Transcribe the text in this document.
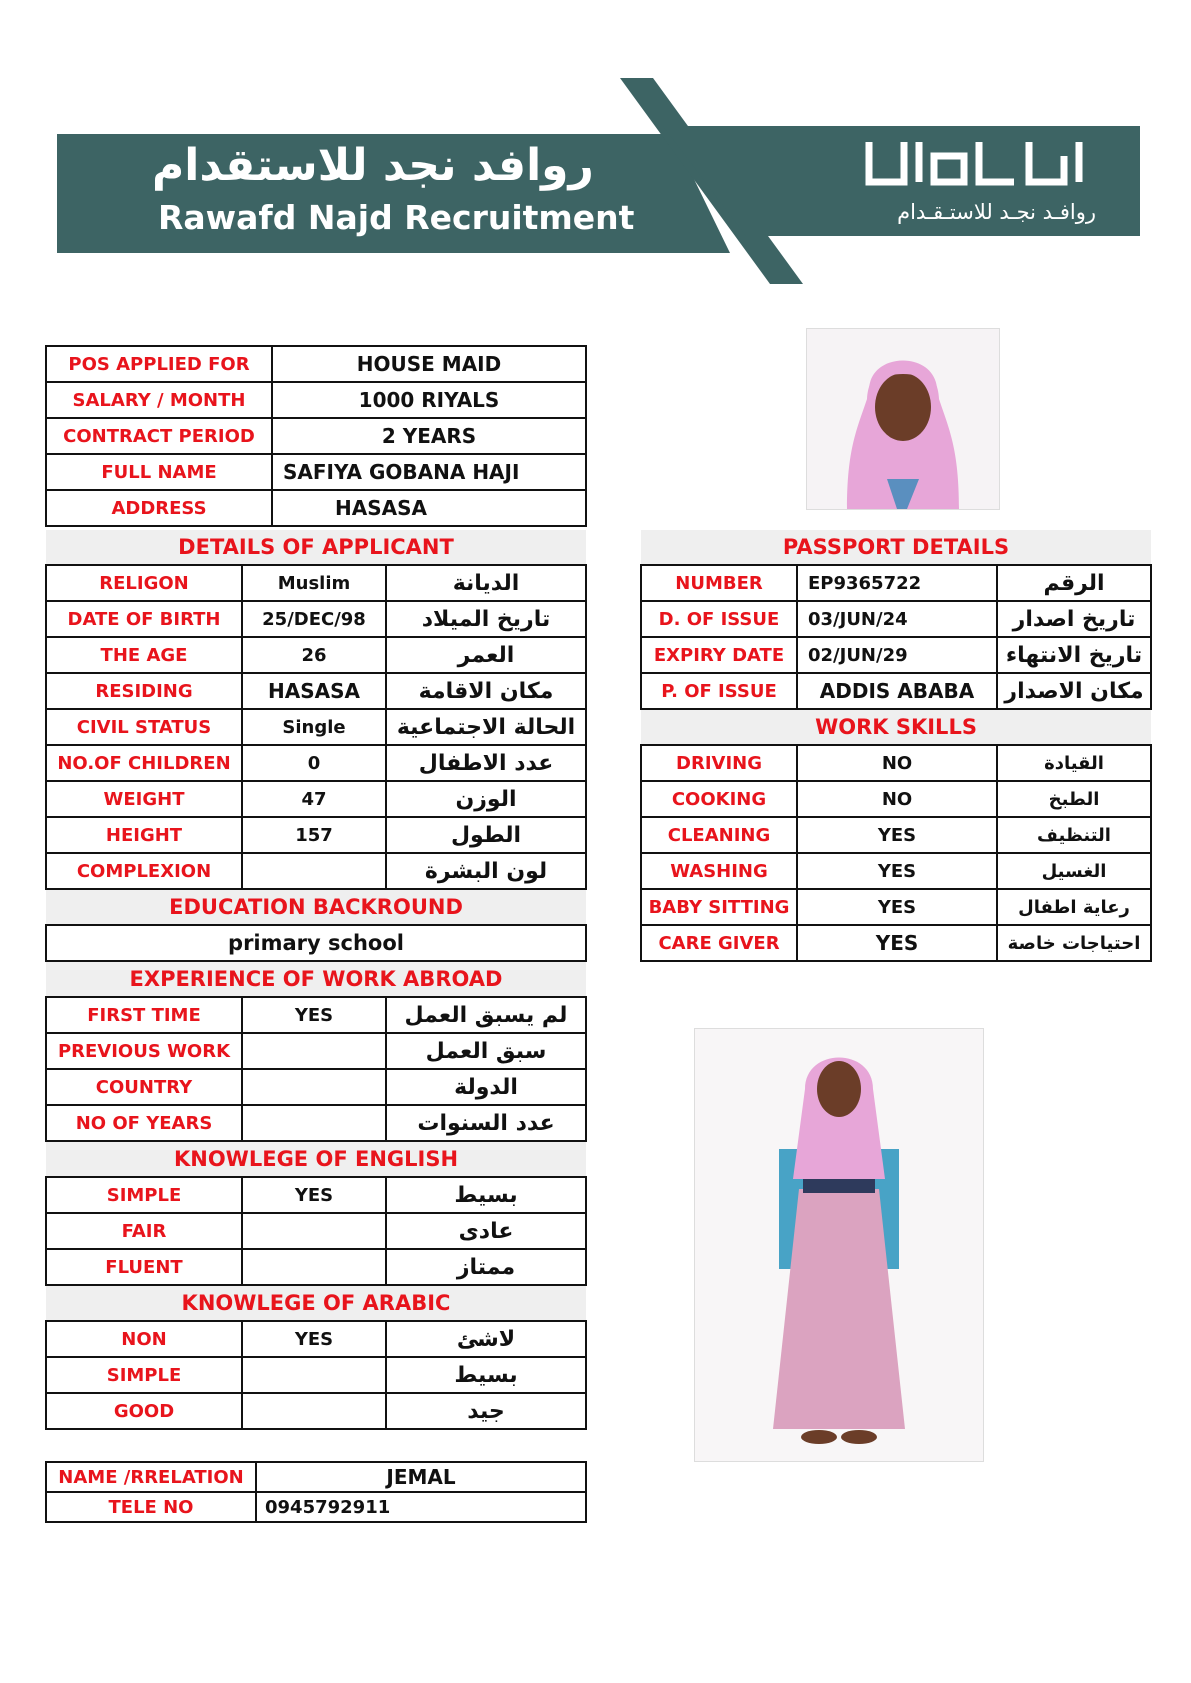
روافد نجد للاستقدام
Rawafd Najd Recruitment	روافـد نجـد للاستـقـدام
POS APPLIED FOR	HOUSE MAID
SALARY / MONTH	1000 RIYALS
CONTRACT PERIOD	2 YEARS
FULL NAME	SAFIYA GOBANA HAJI
ADDRESS	HASASA
DETAILS OF APPLICANT		
RELIGON	Muslim	الديانة
DATE OF BIRTH	25/DEC/98	تاريخ الميلاد
THE AGE	26	العمر
RESIDING	HASASA	مكان الاقامة
CIVIL STATUS	Single	الحالة الاجتماعية
NO.OF CHILDREN	0	عدد الاطفال
WEIGHT	47	الوزن
HEIGHT	157	الطول
COMPLEXION		لون البشرة
EDUCATION BACKROUND		
primary school		
EXPERIENCE OF WORK ABROAD		
FIRST TIME	YES	لم يسبق العمل
PREVIOUS WORK		سبق العمل
COUNTRY		الدولة
NO OF YEARS		عدد السنوات
KNOWLEGE OF ENGLISH		
SIMPLE	YES	بسيط
FAIR		عادى
FLUENT		ممتاز
KNOWLEGE OF ARABIC		
NON	YES	لاشئ
SIMPLE		بسيط
GOOD		جيد
PASSPORT DETAILS		
NUMBER	EP9365722	الرقم
D. OF ISSUE	03/JUN/24	تاريخ اصدار
EXPIRY DATE	02/JUN/29	تاريخ الانتهاء
P. OF ISSUE	ADDIS ABABA	مكان الاصدار
WORK SKILLS		
DRIVING	NO	القيادة
COOKING	NO	الطبخ
CLEANING	YES	التنظيف
WASHING	YES	الغسيل
BABY SITTING	YES	رعاية اطفال
CARE GIVER	YES	احتياجات خاصة
NAME /RRELATION	JEMAL
TELE NO	0945792911
